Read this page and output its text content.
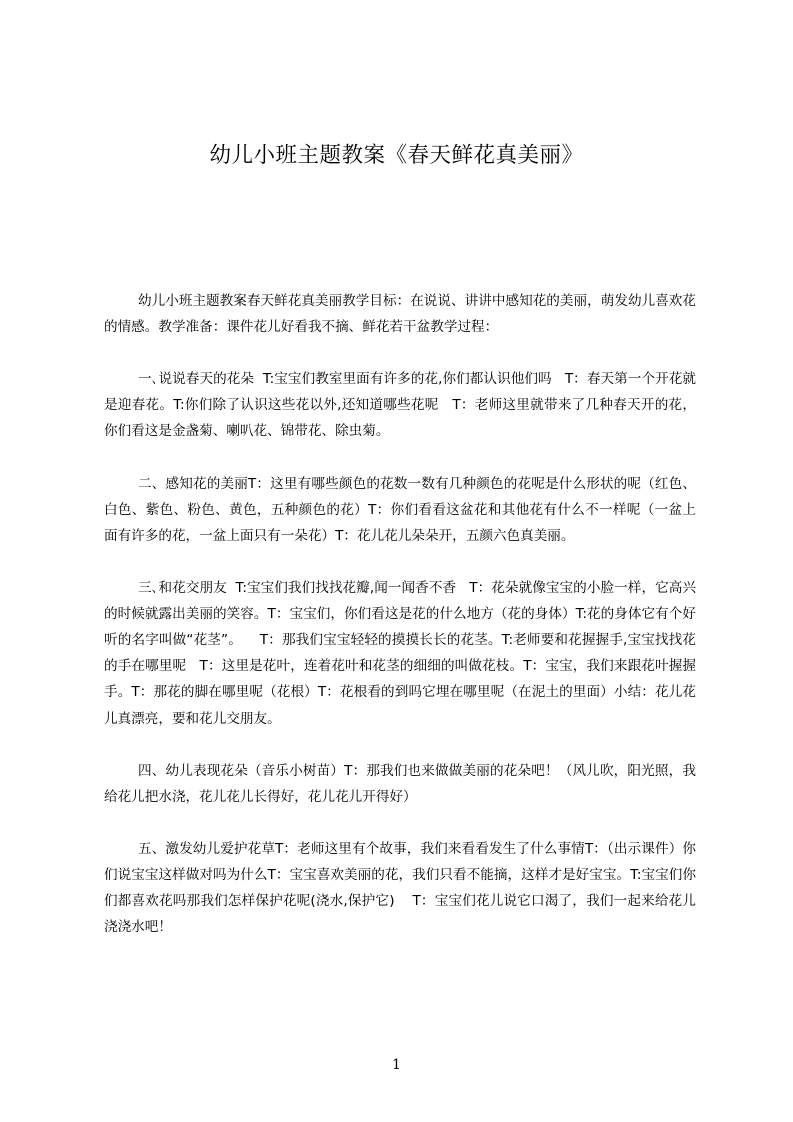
幼儿小班主题教案《春天鲜花真美丽》

幼儿小班主题教案春天鲜花真美丽教学目标：在说说、讲讲中感知花的美丽，萌发幼儿喜欢花的情感。教学准备：课件花儿好看我不摘、鲜花若干盆教学过程：

一､说说春天的花朵  T:宝宝们教室里面有许多的花,你们都认识他们吗   T：春天第一个开花就是迎春花。T:你们除了认识这些花以外,还知道哪些花呢   T：老师这里就带来了几种春天开的花，你们看这是金盏菊、喇叭花、锦带花、除虫菊。

二、感知花的美丽T：这里有哪些颜色的花数一数有几种颜色的花呢是什么形状的呢（红色、白色、紫色、粉色、黄色，五种颜色的花）T：你们看看这盆花和其他花有什么不一样呢（一盆上面有许多的花，一盆上面只有一朵花）T：花儿花儿朵朵开，五颜六色真美丽。

三､和花交朋友  T:宝宝们我们找找花瓣,闻一闻香不香   T：花朵就像宝宝的小脸一样，它高兴的时候就露出美丽的笑容。T：宝宝们，你们看这是花的什么地方（花的身体）T:花的身体它有个好听的名字叫做“花茎”。    T：那我们宝宝轻轻的摸摸长长的花茎。T:老师要和花握握手,宝宝找找花的手在哪里呢   T：这里是花叶，连着花叶和花茎的细细的叫做花枝。T：宝宝，我们来跟花叶握握手。T：那花的脚在哪里呢（花根）T：花根看的到吗它埋在哪里呢（在泥土的里面）小结：花儿花儿真漂亮，要和花儿交朋友。

四、幼儿表现花朵（音乐小树苗）T：那我们也来做做美丽的花朵吧！（风儿吹，阳光照，我给花儿把水浇，花儿花儿长得好，花儿花儿开得好）

五、激发幼儿爱护花草T：老师这里有个故事，我们来看看发生了什么事情T：（出示课件）你们说宝宝这样做对吗为什么T：宝宝喜欢美丽的花，我们只看不能摘，这样才是好宝宝。T:宝宝们你们都喜欢花吗那我们怎样保护花呢(浇水,保护它)    T：宝宝们花儿说它口渴了，我们一起来给花儿浇浇水吧！

1
